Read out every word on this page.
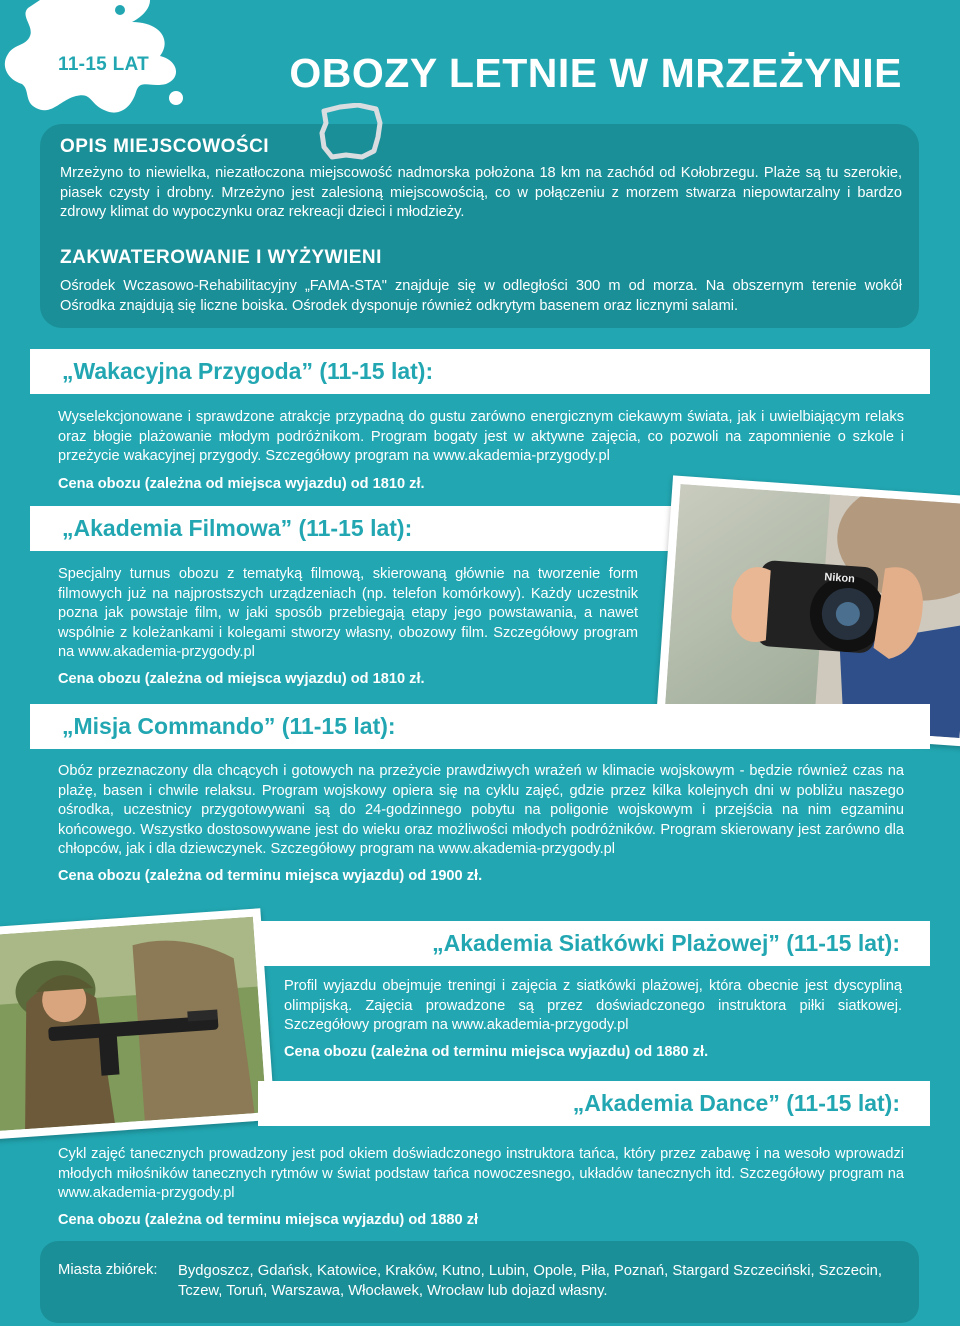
11-15 LAT	OBOZY LETNIE W MRZEŻYNIE
OPIS MIEJSCOWOŚCI
Mrzeżyno to niewielka, niezatłoczona miejscowość nadmorska położona 18 km na zachód od Kołobrzegu. Plaże są tu szerokie, piasek czysty i drobny. Mrzeżyno jest zalesioną miejscowością, co w połączeniu z morzem stwarza niepowtarzalny i bardzo zdrowy klimat do wypoczynku oraz rekreacji dzieci i młodzieży.
ZAKWATEROWANIE I WYŻYWIENI
Ośrodek Wczasowo-Rehabilitacyjny „FAMA-STA" znajduje się w odległości 300 m od morza. Na obszernym terenie wokół Ośrodka znajdują się liczne boiska. Ośrodek dysponuje również odkrytym basenem oraz licznymi salami.
„Wakacyjna Przygoda” (11-15 lat):
Wyselekcjonowane i sprawdzone atrakcje przypadną do gustu zarówno energicznym ciekawym świata, jak i uwielbiającym relaks oraz błogie plażowanie młodym podróżnikom. Program bogaty jest w aktywne zajęcia, co pozwoli na zapomnienie o szkole i przeżycie wakacyjnej przygody. Szczegółowy program na www.akademia-przygody.pl
Cena obozu (zależna od miejsca wyjazdu) od 1810 zł.
„Akademia Filmowa” (11-15 lat):
Specjalny turnus obozu z tematyką filmową, skierowaną głównie na tworzenie form filmowych już na najprostszych urządzeniach (np. telefon komórkowy). Każdy uczestnik pozna jak powstaje film, w jaki sposób przebiegają etapy jego powstawania, a nawet wspólnie z koleżankami i kolegami stworzy własny, obozowy film. Szczegółowy program na www.akademia-przygody.pl
Cena obozu (zależna od miejsca wyjazdu) od 1810 zł.
Nikon
„Misja Commando” (11-15 lat):
Obóz przeznaczony dla chcących i gotowych na przeżycie prawdziwych wrażeń w klimacie wojskowym - będzie również czas na plażę, basen i chwile relaksu. Program wojskowy opiera się na cyklu zajęć, gdzie przez kilka kolejnych dni w pobliżu naszego ośrodka, uczestnicy przygotowywani są do 24-godzinnego pobytu na poligonie wojskowym i przejścia na nim egzaminu końcowego. Wszystko dostosowywane jest do wieku oraz możliwości młodych podróżników. Program skierowany jest zarówno dla chłopców, jak i dla dziewczynek. Szczegółowy program na www.akademia-przygody.pl
Cena obozu (zależna od terminu miejsca wyjazdu) od 1900 zł.
„Akademia Siatkówki Plażowej” (11-15 lat):
Profil wyjazdu obejmuje treningi i zajęcia z siatkówki plażowej, która obecnie jest dyscypliną olimpijską. Zajęcia prowadzone są przez doświadczonego instruktora piłki siatkowej. Szczegółowy program na www.akademia-przygody.pl
Cena obozu (zależna od terminu miejsca wyjazdu) od 1880 zł.
„Akademia Dance” (11-15 lat):
Cykl zajęć tanecznych prowadzony jest pod okiem doświadczonego instruktora tańca, który przez zabawę i na wesoło wprowadzi młodych miłośników tanecznych rytmów w świat podstaw tańca nowoczesnego, układów tanecznych itd. Szczegółowy program na www.akademia-przygody.pl
Cena obozu (zależna od terminu miejsca wyjazdu) od 1880 zł
Miasta zbiórek: Bydgoszcz, Gdańsk, Katowice, Kraków, Kutno, Lubin, Opole, Piła, Poznań, Stargard Szczeciński, Szczecin, Tczew, Toruń, Warszawa, Włocławek, Wrocław lub dojazd własny.
